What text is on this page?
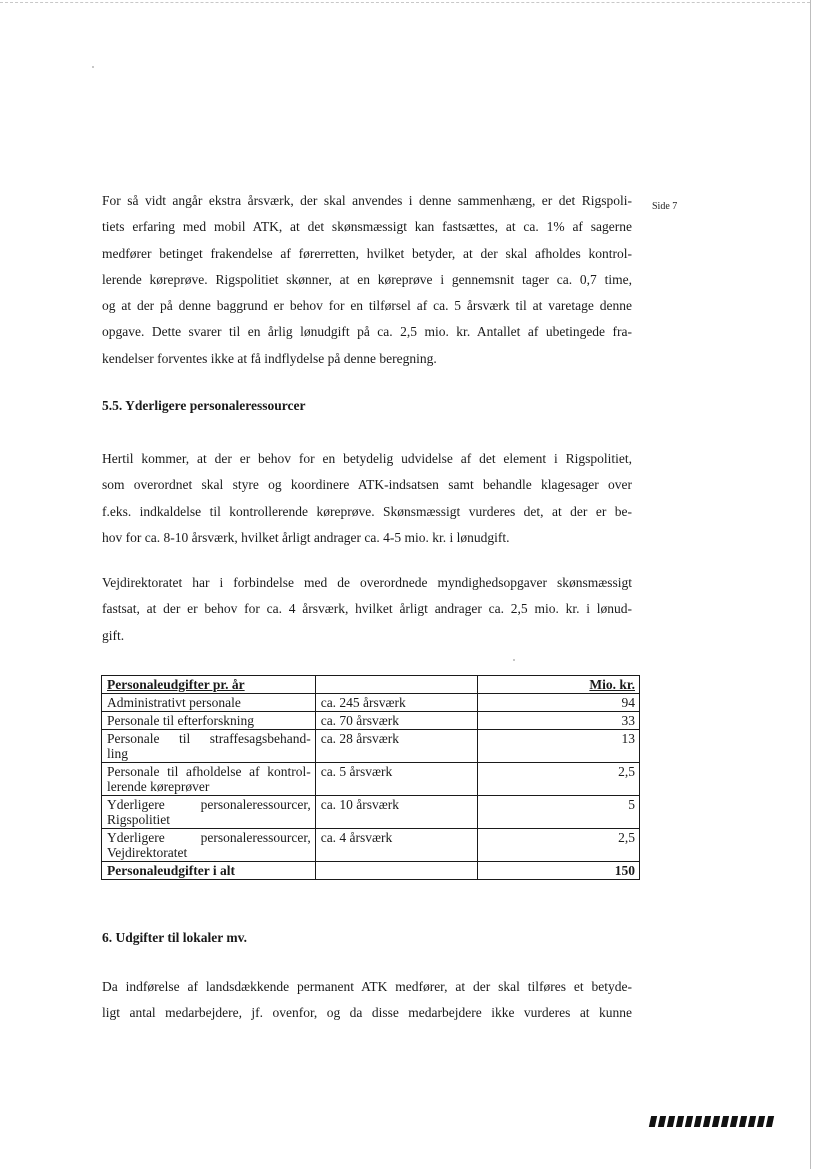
Side 7
For så vidt angår ekstra årsværk, der skal anvendes i denne sammenhæng, er det Rigspoli-
tiets erfaring med mobil ATK, at det skønsmæssigt kan fastsættes, at ca. 1% af sagerne
medfører betinget frakendelse af førerretten, hvilket betyder, at der skal afholdes kontrol-
lerende køreprøve. Rigspolitiet skønner, at en køreprøve i gennemsnit tager ca. 0,7 time,
og at der på denne baggrund er behov for en tilførsel af ca. 5 årsværk til at varetage denne
opgave. Dette svarer til en årlig lønudgift på ca. 2,5 mio. kr. Antallet af ubetingede fra-
kendelser forventes ikke at få indflydelse på denne beregning.
5.5. Yderligere personaleressourcer
Hertil kommer, at der er behov for en betydelig udvidelse af det element i Rigspolitiet,
som overordnet skal styre og koordinere ATK-indsatsen samt behandle klagesager over
f.eks. indkaldelse til kontrollerende køreprøve. Skønsmæssigt vurderes det, at der er be-
hov for ca. 8-10 årsværk, hvilket årligt andrager ca. 4-5 mio. kr. i lønudgift.
Vejdirektoratet har i forbindelse med de overordnede myndighedsopgaver skønsmæssigt
fastsat, at der er behov for ca. 4 årsværk, hvilket årligt andrager ca. 2,5 mio. kr. i lønud-
gift.
Personaleudgifter pr. år		Mio. kr.
Administrativt personale	ca. 245 årsværk	94
Personale til efterforskning	ca. 70 årsværk	33

Personale til straffesagsbehand-
ling	ca. 28 årsværk	13

Personale til afholdelse af kontrol-
lerende køreprøver	ca. 5 årsværk	2,5

Yderligere personaleressourcer,
Rigspolitiet	ca. 10 årsværk	5

Yderligere personaleressourcer,
Vejdirektoratet	ca. 4 årsværk	2,5
Personaleudgifter i alt		150
6. Udgifter til lokaler mv.
Da indførelse af landsdækkende permanent ATK medfører, at der skal tilføres et betyde-
ligt antal medarbejdere, jf. ovenfor, og da disse medarbejdere ikke vurderes at kunne
